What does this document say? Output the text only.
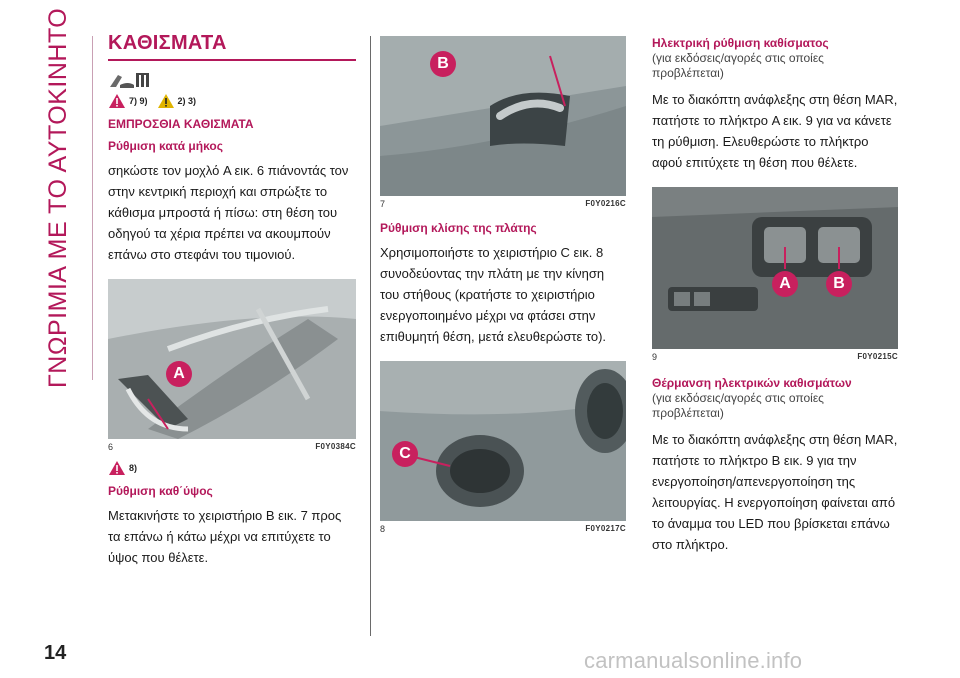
ΓΝΩΡΙΜΙΑ ΜΕ ΤΟ ΑΥΤΟΚΙΝΗΤΟ
14	carmanualsonline.info
ΚΑΘΙΣΜΑΤΑ
7) 9)	2) 3)
ΕΜΠΡΟΣΘΙΑ ΚΑΘΙΣΜΑΤΑ
Ρύθμιση κατά μήκος
σηκώστε τον μοχλό A εικ. 6 πιάνοντάς τον στην κεντρική περιοχή και σπρώξτε το κάθισμα μπροστά ή πίσω: στη θέση του οδηγού τα χέρια πρέπει να ακουμπούν επάνω στο στεφάνι του τιμονιού.
A
6	F0Y0384C
8)
Ρύθμιση καθ΄ύψος
Μετακινήστε το χειριστήριο B εικ. 7 προς τα επάνω ή κάτω μέχρι να επιτύχετε το ύψος που θέλετε.
B
7	F0Y0216C
Ρύθμιση κλίσης της πλάτης
Χρησιμοποιήστε το χειριστήριο C εικ. 8 συνοδεύοντας την πλάτη με την κίνηση του στήθους (κρατήστε το χειριστήριο ενεργοποιημένο μέχρι να φτάσει στην επιθυμητή θέση, μετά ελευθερώστε το).
C
8	F0Y0217C
Ηλεκτρική ρύθμιση καθίσματος
(για εκδόσεις/αγορές στις οποίες προβλέπεται)
Με το διακόπτη ανάφλεξης στη θέση MAR, πατήστε το πλήκτρο A εικ. 9 για να κάνετε τη ρύθμιση. Ελευθερώστε το πλήκτρο αφού επιτύχετε τη θέση που θέλετε.
A	B
9	F0Y0215C
Θέρμανση ηλεκτρικών καθισμάτων
(για εκδόσεις/αγορές στις οποίες προβλέπεται)
Με το διακόπτη ανάφλεξης στη θέση MAR, πατήστε το πλήκτρο B εικ. 9 για την ενεργοποίηση/απενεργοποίηση της λειτουργίας. Η ενεργοποίηση φαίνεται από το άναμμα του LED που βρίσκεται επάνω στο πλήκτρο.
